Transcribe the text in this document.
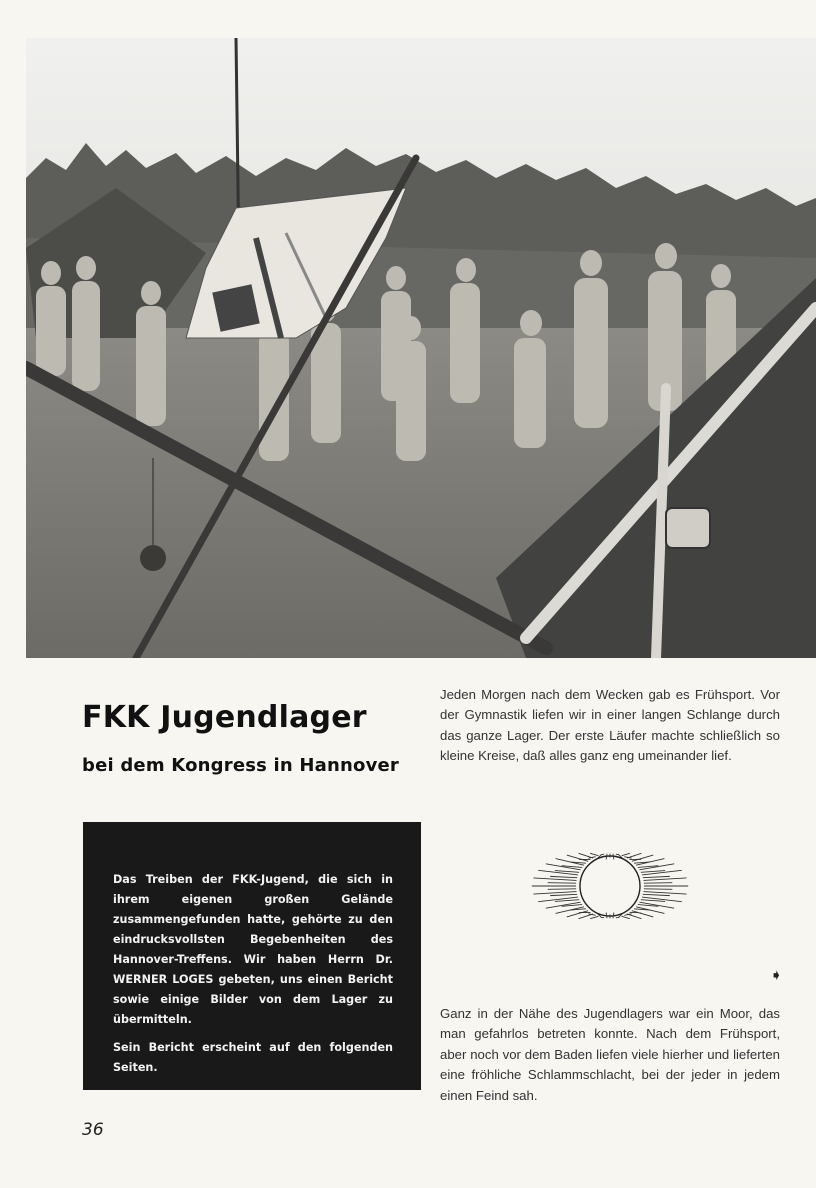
FKK Jugendlager
bei dem Kongress in Hannover

Jeden Morgen nach dem Wecken gab es Frühsport. Vor der Gymnastik liefen wir in einer langen Schlange durch das ganze Lager. Der erste Läufer machte schließlich so kleine Kreise, daß alles ganz eng umeinander lief.

Das Treiben der FKK-Jugend, die sich in ihrem eigenen großen Gelände zusammengefunden hatte, gehörte zu den eindrucksvollsten Begebenheiten des Hannover-Treffens. Wir haben Herrn Dr. WERNER LOGES gebeten, uns einen Bericht sowie einige Bilder von dem Lager zu übermitteln.

Sein Bericht erscheint auf den folgenden Seiten.

➧

Ganz in der Nähe des Jugendlagers war ein Moor, das man gefahrlos betreten konnte. Nach dem Frühsport, aber noch vor dem Baden liefen viele hierher und lieferten eine fröhliche Schlammschlacht, bei der jeder in jedem einen Feind sah.

36
